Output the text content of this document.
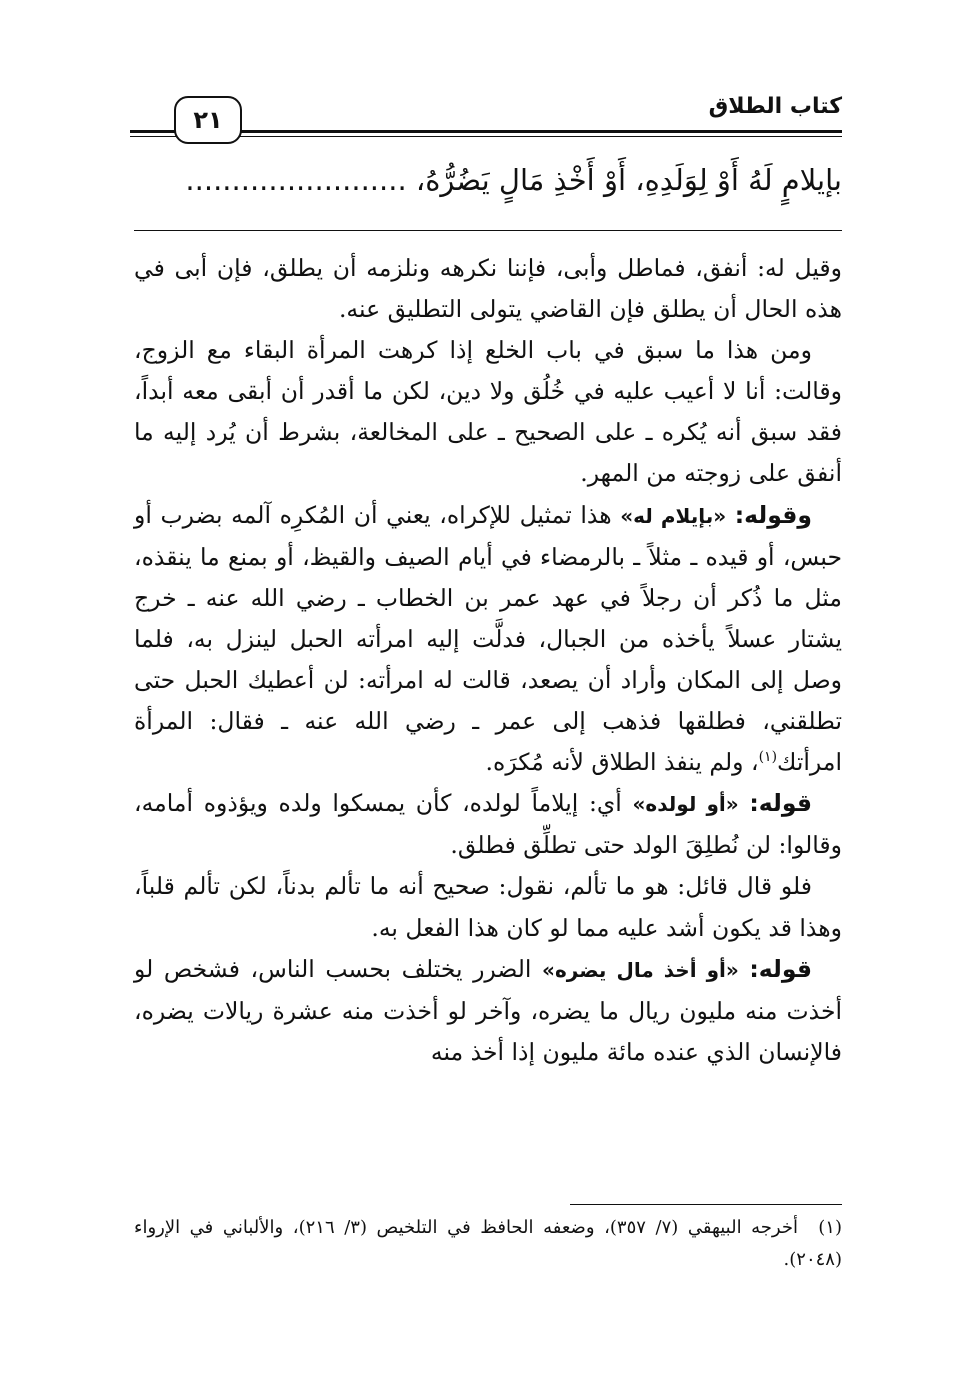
٢١	كتاب الطلاق
بإيلامٍ لَهُ أَوْ لِوَلَدِهِ، أَوْ أَخْذِ مَالٍ يَضُرُّهُ، ........................

وقيل له: أنفق، فماطل وأبى، فإننا نكرهه ونلزمه أن يطلق، فإن أبى في هذه الحال أن يطلق فإن القاضي يتولى التطليق عنه.

ومن هذا ما سبق في باب الخلع إذا كرهت المرأة البقاء مع الزوج، وقالت: أنا لا أعيب عليه في خُلُق ولا دين، لكن ما أقدر أن أبقى معه أبداً، فقد سبق أنه يُكره ـ على الصحيح ـ على المخالعة، بشرط أن يُرد إليه ما أنفق على زوجته من المهر.

وقوله: «بإيلام له» هذا تمثيل للإكراه، يعني أن المُكرِه آلمه بضرب أو حبس، أو قيده ـ مثلاً ـ بالرمضاء في أيام الصيف والقيظ، أو بمنع ما ينقذه، مثل ما ذُكر أن رجلاً في عهد عمر بن الخطاب ـ رضي الله عنه ـ خرج يشتار عسلاً يأخذه من الجبال، فدلَّت إليه امرأته الحبل لينزل به، فلما وصل إلى المكان وأراد أن يصعد، قالت له امرأته: لن أعطيك الحبل حتى تطلقني، فطلقها فذهب إلى عمر ـ رضي الله عنه ـ فقال: المرأة امرأتك$^{(١)}$، ولم ينفذ الطلاق لأنه مُكرَه.

قوله: «أو لولده» أي: إيلاماً لولده، كأن يمسكوا ولده ويؤذوه أمامه، وقالوا: لن نُطلِقَ الولد حتى تطلِّق فطلق.

فلو قال قائل: هو ما تألم، نقول: صحيح أنه ما تألم بدناً، لكن تألم قلباً، وهذا قد يكون أشد عليه مما لو كان هذا الفعل به.

قوله: «أو أخذ مال يضره» الضرر يختلف بحسب الناس، فشخص لو أخذت منه مليون ريال ما يضره، وآخر لو أخذت منه عشرة ريالات يضره، فالإنسان الذي عنده مائة مليون إذا أخذ منه

(١)أخرجه البيهقي (٧/ ٣٥٧)، وضعفه الحافظ في التلخيص (٣/ ٢١٦)، والألباني في الإرواء (٢٠٤٨).
